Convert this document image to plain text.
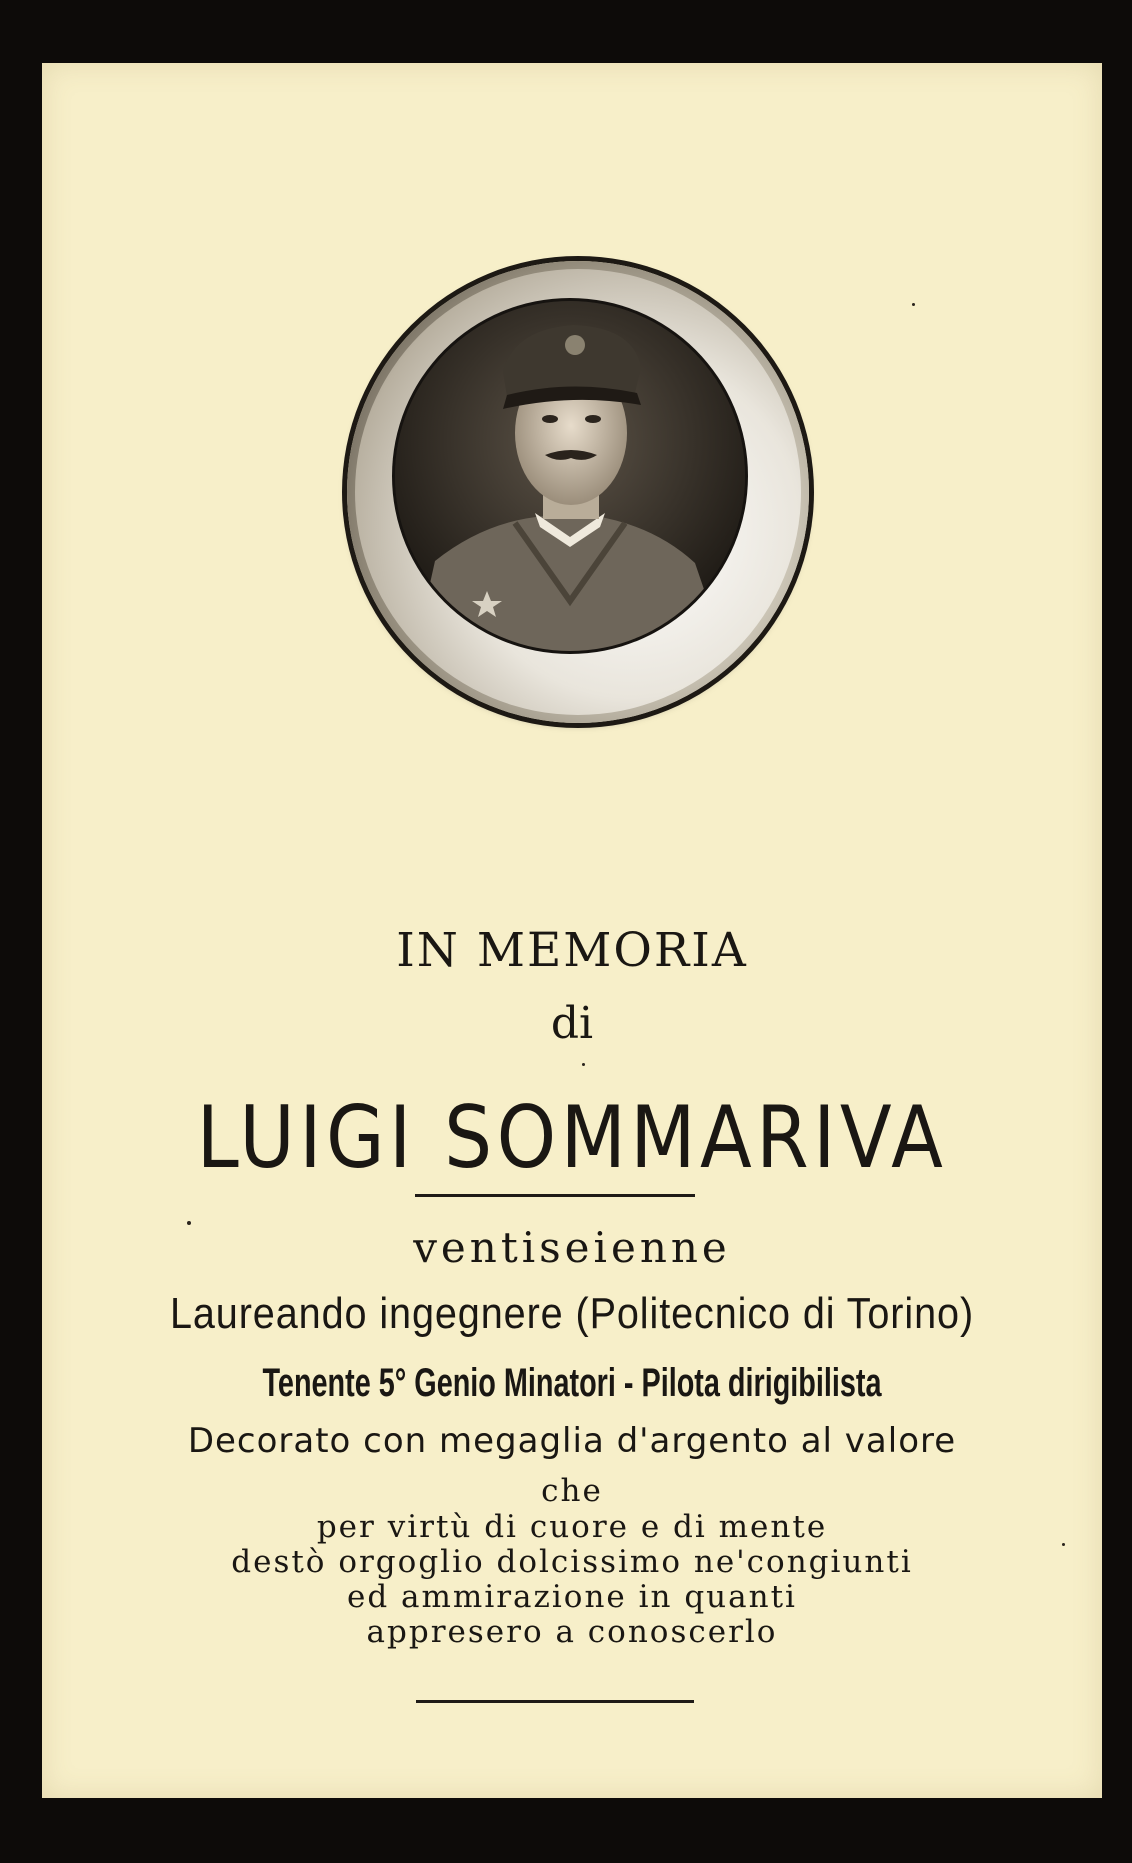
IN MEMORIA

di

LUIGI SOMMARIVA

ventiseienne

Laureando ingegnere (Politecnico di Torino)

Tenente 5° Genio Minatori - Pilota dirigibilista

Decorato con megaglia d'argento al valore

che

per virtù di cuore e di mente

destò orgoglio dolcissimo ne'congiunti

ed ammirazione in quanti

appresero a conoscerlo
